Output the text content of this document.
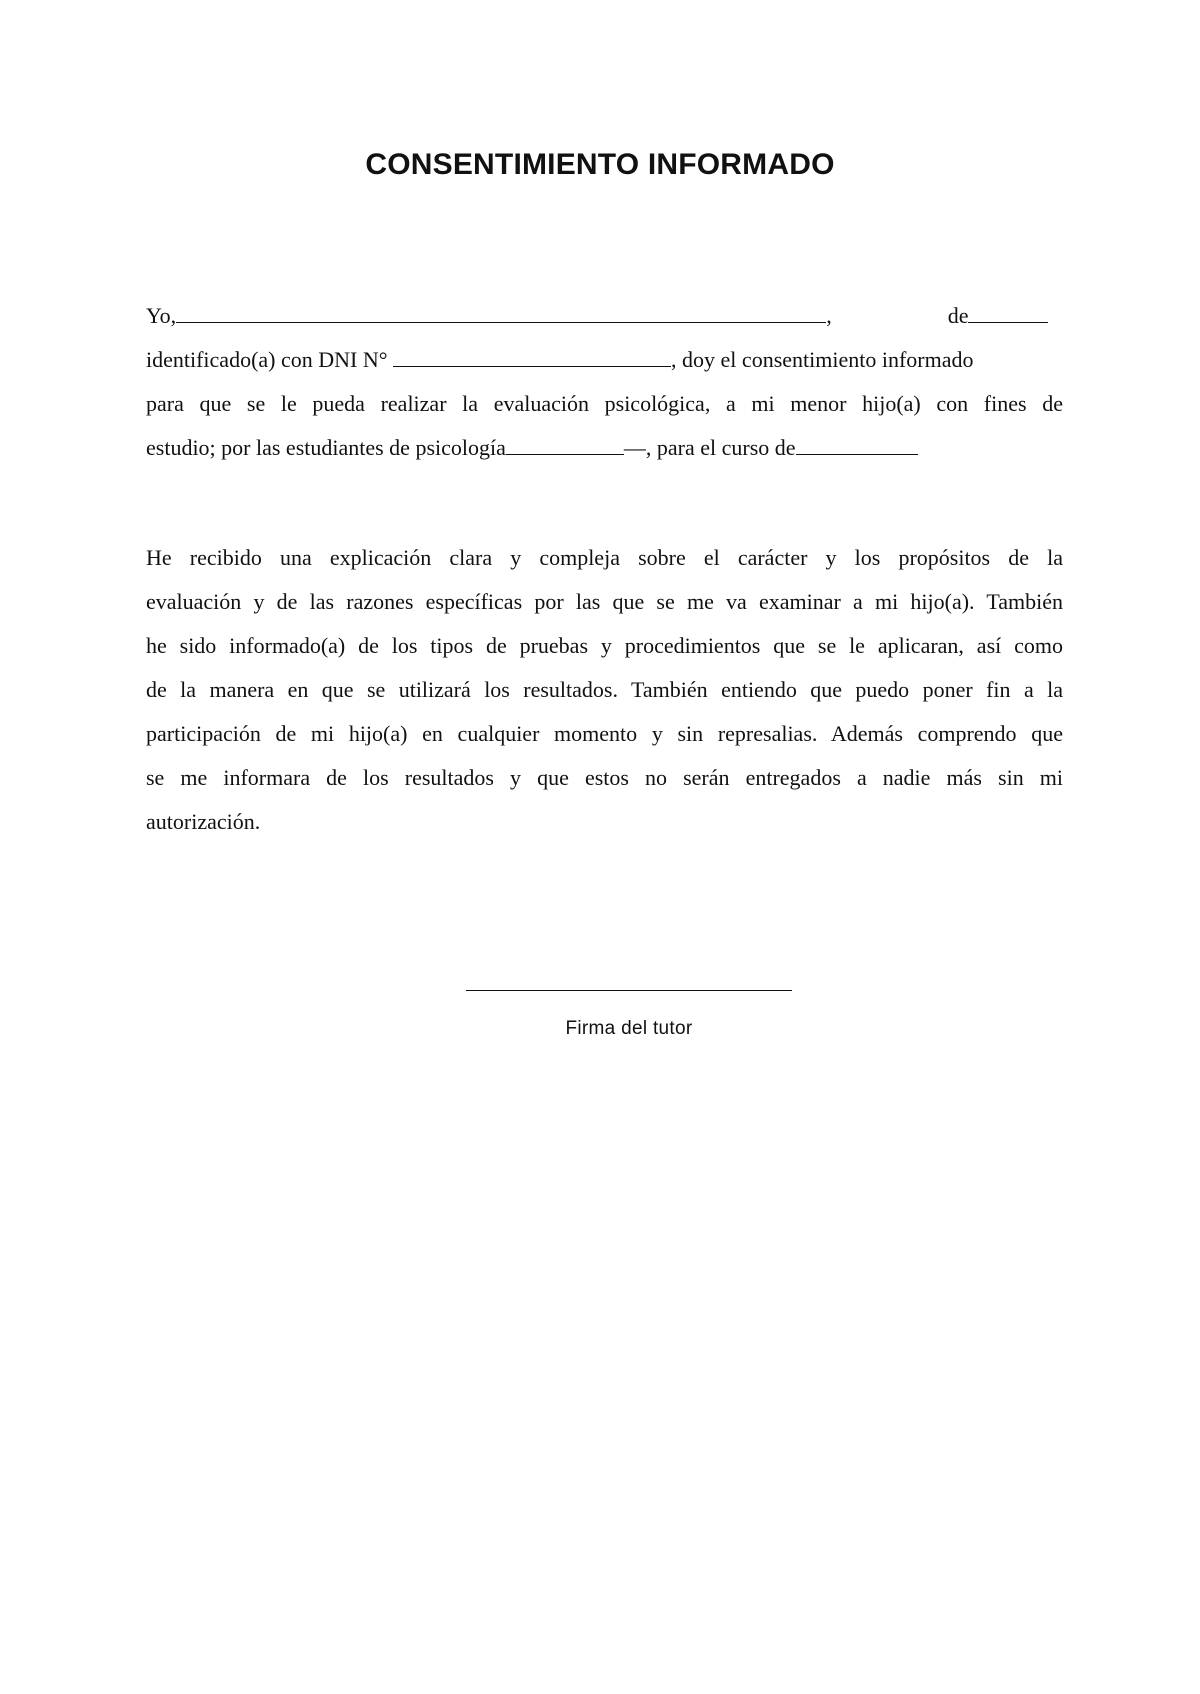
CONSENTIMIENTO INFORMADO
Yo,	,	de
identificado(a) con DNI N°	, doy el consentimiento informado
para que se le pueda realizar la evaluación psicológica, a mi menor hijo(a) con fines de
estudio; por las estudiantes de psicología	—, para el curso de
He recibido una explicación clara y compleja sobre el carácter y los propósitos de la
evaluación y de las razones específicas por las que se me va examinar a mi hijo(a). También
he sido informado(a) de los tipos de pruebas y procedimientos que se le aplicaran, así como
de la manera en que se utilizará los resultados. También entiendo que puedo poner fin a la
participación de mi hijo(a) en cualquier momento y sin represalias. Además comprendo que
se me informara de los resultados y que estos no serán entregados a nadie más sin mi
autorización.
Firma del tutor
